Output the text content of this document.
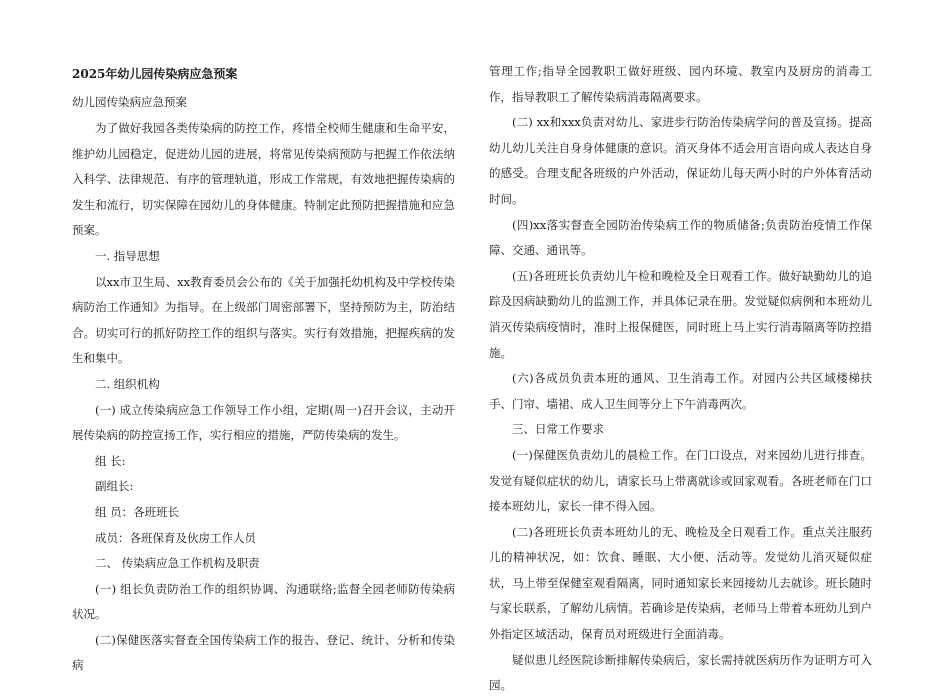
2025年幼儿园传染病应急预案

幼儿园传染病应急预案

为了做好我园各类传染病的防控工作，疼惜全校师生健康和生命平安，维护幼儿园稳定，促进幼儿园的进展，将常见传染病预防与把握工作依法纳入科学、法律规范、有序的管理轨道，形成工作常规，有效地把握传染病的发生和流行，切实保障在园幼儿的身体健康。特制定此预防把握措施和应急预案。

一. 指导思想

以xx市卫生局、xx教育委员会公布的《关于加强托幼机构及中学校传染病防治工作通知》为指导。在上级部门周密部署下，坚持预防为主，防治结合。切实可行的抓好防控工作的组织与落实。实行有效措施，把握疾病的发生和集中。

二. 组织机构

(一) 成立传染病应急工作领导工作小组，定期(周一)召开会议，主动开展传染病的防控宣扬工作，实行相应的措施，严防传染病的发生。

组 长:

副组长:

组 员：各班班长

成员：各班保育及伙房工作人员

二、 传染病应急工作机构及职责

(一) 组长负责防治工作的组织协调、沟通联络;监督全园老师防传染病状况。

(二)保健医落实督查全国传染病工作的报告、登记、统计、分析和传染病

管理工作;指导全园教职工做好班级、园内环境、教室内及厨房的消毒工作，指导教职工了解传染病消毒隔离要求。

(二) xx和xxx负责对幼儿、家进步行防治传染病学问的普及宣扬。提高幼儿幼儿关注自身身体健康的意识。消灭身体不适会用言语向成人表达自身的感受。合理支配各班级的户外活动，保证幼儿每天两小时的户外体育活动时间。

(四)xx落实督查全园防治传染病工作的物质储备;负责防治疫情工作保障、交通、通讯等。

(五)各班班长负责幼儿午检和晚检及全日观看工作。做好缺勤幼儿的追踪及因病缺勤幼儿的监测工作，并具体记录在册。发觉疑似病例和本班幼儿消灭传染病疫情时，准时上报保健医，同时班上马上实行消毒隔离等防控措施。

(六)各成员负责本班的通风、卫生消毒工作。对园内公共区域楼梯扶手、门帘、墙裙、成人卫生间等分上下午消毒两次。

三、日常工作要求

(一)保健医负责幼儿的晨检工作。在门口设点，对来园幼儿进行排查。发觉有疑似症状的幼儿，请家长马上带离就诊或回家观看。各班老师在门口接本班幼儿，家长一律不得入园。

(二)各班班长负责本班幼儿的无、晚检及全日观看工作。重点关注服药儿的精神状况，如：饮食、睡眠、大小便、活动等。发觉幼儿消灭疑似症状，马上带至保健室观看隔离，同时通知家长来园接幼儿去就诊。班长随时与家长联系，了解幼儿病情。若确诊是传染病，老师马上带着本班幼儿到户外指定区域活动，保育员对班级进行全面消毒。

疑似患儿经医院诊断排解传染病后，家长需持就医病历作为证明方可入园。
